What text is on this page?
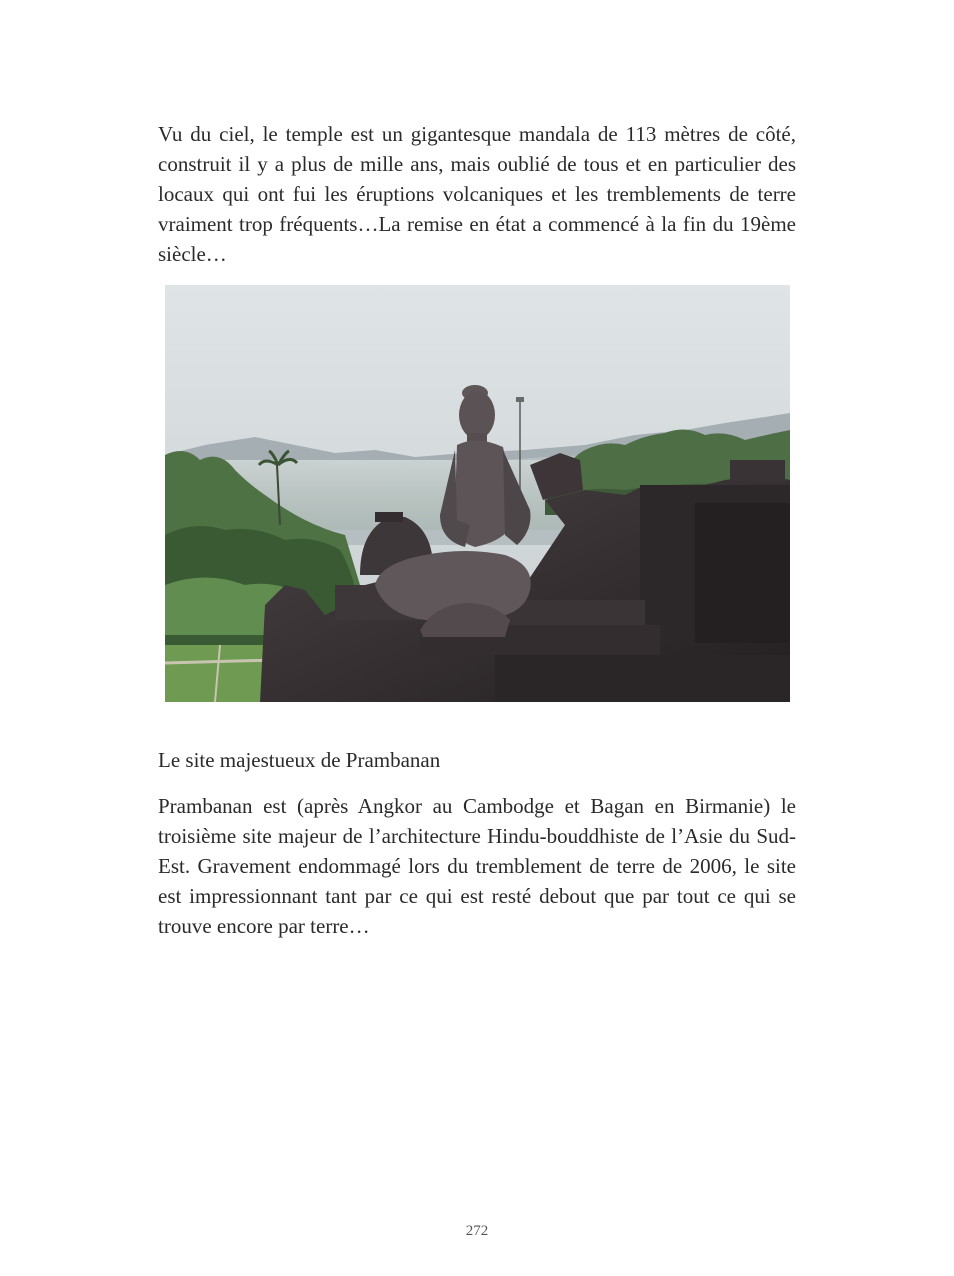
Vu du ciel, le temple est un gigantesque mandala de 113 mètres de côté, construit il y a plus de mille ans, mais oublié de tous et en particulier des locaux qui ont fui les éruptions volcaniques et les tremblements de terre vraiment trop fréquents…La remise en état a commencé à la fin du 19ème siècle…

Le site majestueux de Prambanan

Prambanan est (après Angkor au Cambodge et Bagan en Birmanie) le troisième site majeur de l’architecture Hindu-bouddhiste de l’Asie du Sud-Est. Gravement endommagé lors du tremblement de terre de 2006, le site est impressionnant tant par ce qui est resté debout que par tout ce qui se trouve encore par terre…

272
